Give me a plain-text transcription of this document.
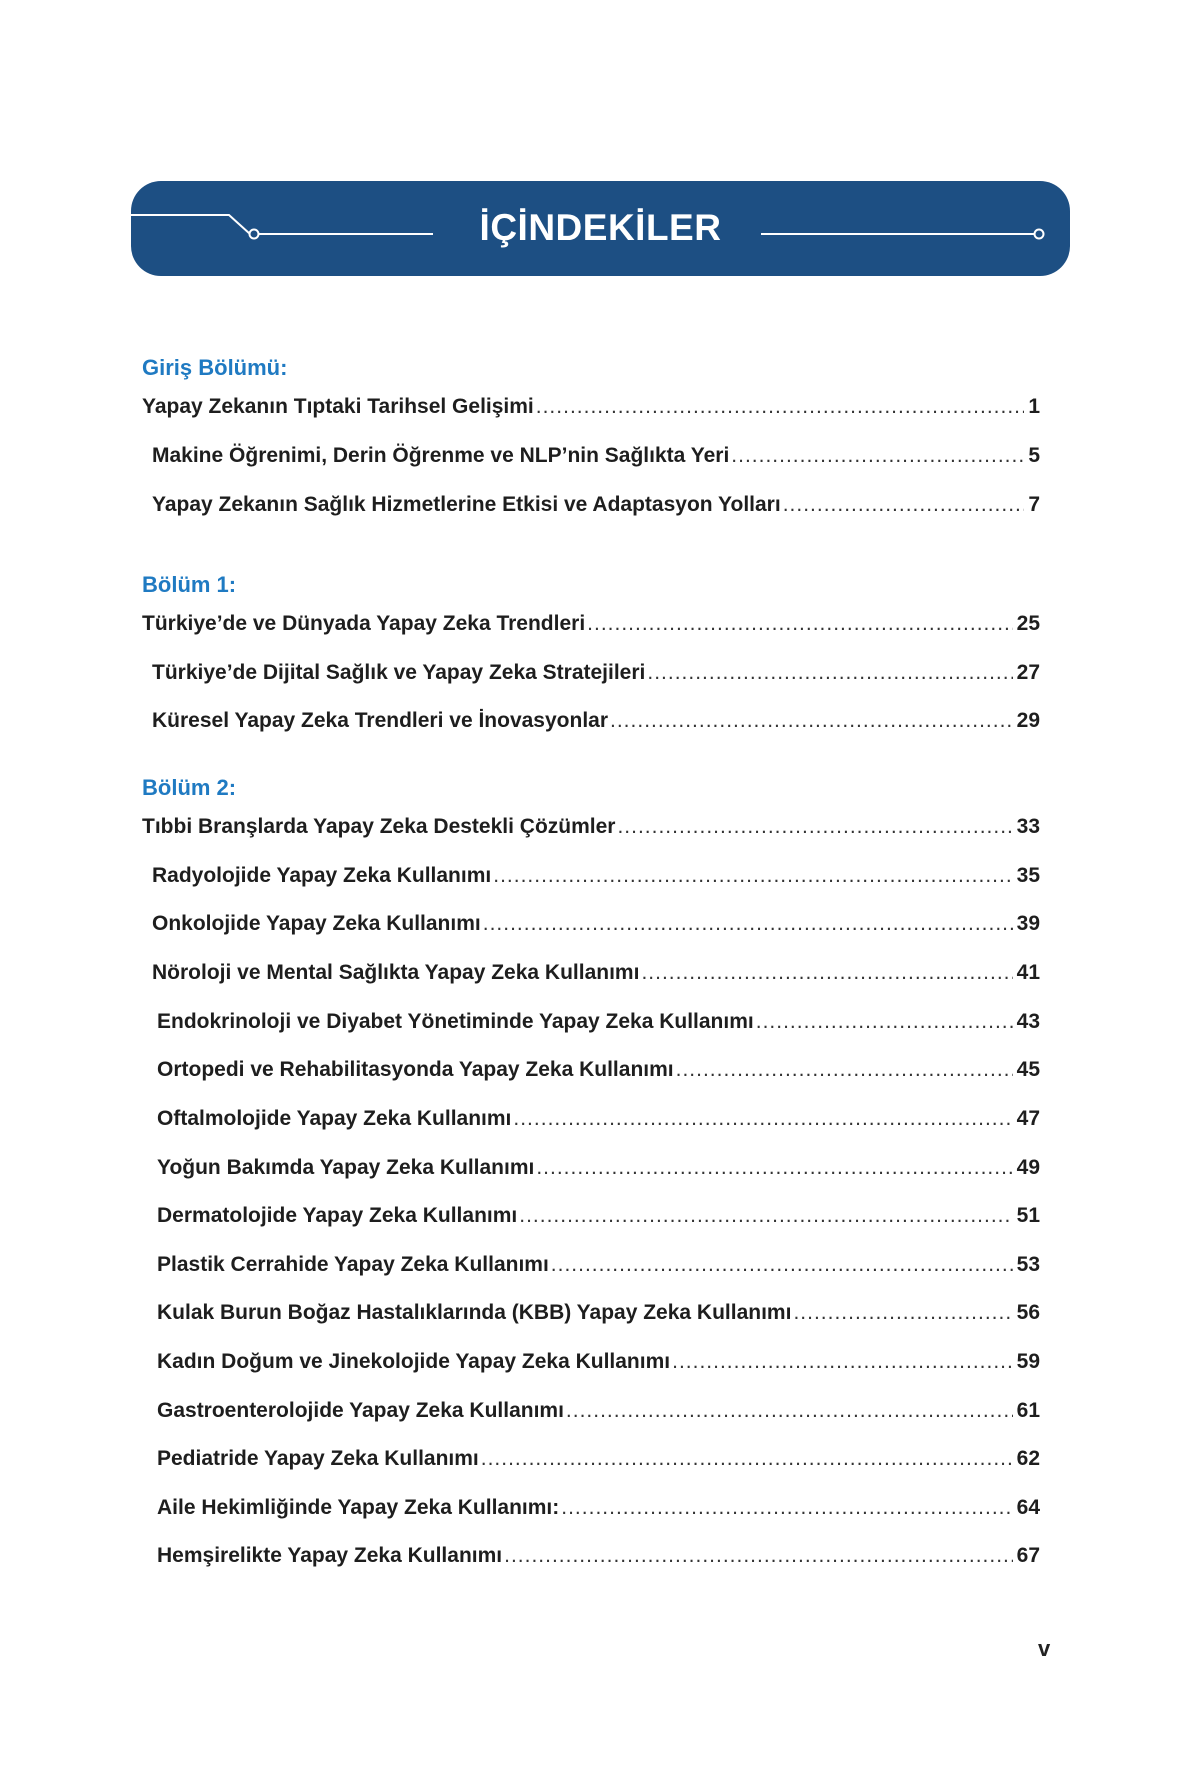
İÇİNDEKİLER
Giriş Bölümü:
Yapay Zekanın Tıptaki Tarihsel Gelişimi .....	1
Makine Öğrenimi, Derin Öğrenme ve NLP’nin Sağlıkta Yeri .....	5
Yapay Zekanın Sağlık Hizmetlerine Etkisi ve Adaptasyon Yolları .....	7
Bölüm 1:
Türkiye’de ve Dünyada Yapay Zeka Trendleri .....	25
Türkiye’de Dijital Sağlık ve Yapay Zeka Stratejileri .....	27
Küresel Yapay Zeka Trendleri ve İnovasyonlar .....	29
Bölüm 2:
Tıbbi Branşlarda Yapay Zeka Destekli Çözümler .....	33
Radyolojide Yapay Zeka Kullanımı .....	35
Onkolojide Yapay Zeka Kullanımı .....	39
Nöroloji ve Mental Sağlıkta Yapay Zeka Kullanımı .....	41
Endokrinoloji ve Diyabet Yönetiminde Yapay Zeka Kullanımı .....	43
Ortopedi ve Rehabilitasyonda Yapay Zeka Kullanımı .....	45
Oftalmolojide Yapay Zeka Kullanımı .....	47
Yoğun Bakımda Yapay Zeka Kullanımı .....	49
Dermatolojide Yapay Zeka Kullanımı .....	51
Plastik Cerrahide Yapay Zeka Kullanımı .....	53
Kulak Burun Boğaz Hastalıklarında (KBB) Yapay Zeka Kullanımı .....	56
Kadın Doğum ve Jinekolojide Yapay Zeka Kullanımı .....	59
Gastroenterolojide Yapay Zeka Kullanımı .....	61
Pediatride Yapay Zeka Kullanımı .....	62
Aile Hekimliğinde Yapay Zeka Kullanımı: .....	64
Hemşirelikte Yapay Zeka Kullanımı .....	67
v
